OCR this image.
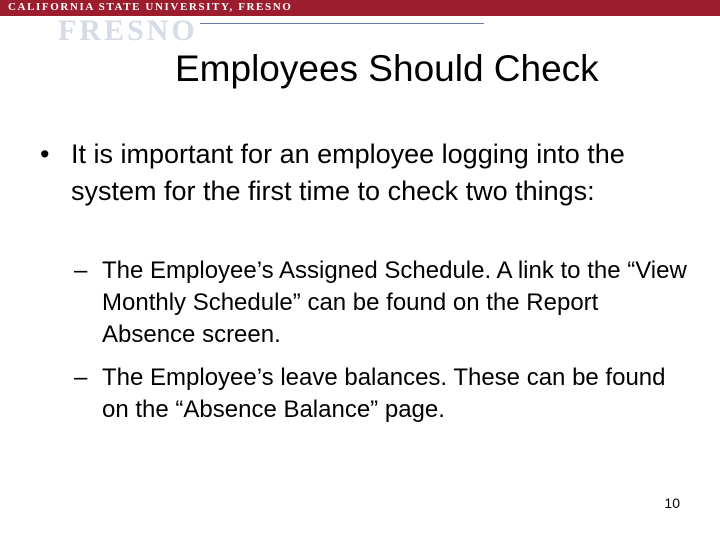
CALIFORNIA STATE UNIVERSITY, FRESNO
FRESNO
Employees Should Check
• It is important for an employee logging into the system for the first time to check two things:
– The Employee’s Assigned Schedule. A link to the “View Monthly Schedule” can be found on the Report Absence screen.
– The Employee’s leave balances. These can be found on the “Absence Balance” page.
10
